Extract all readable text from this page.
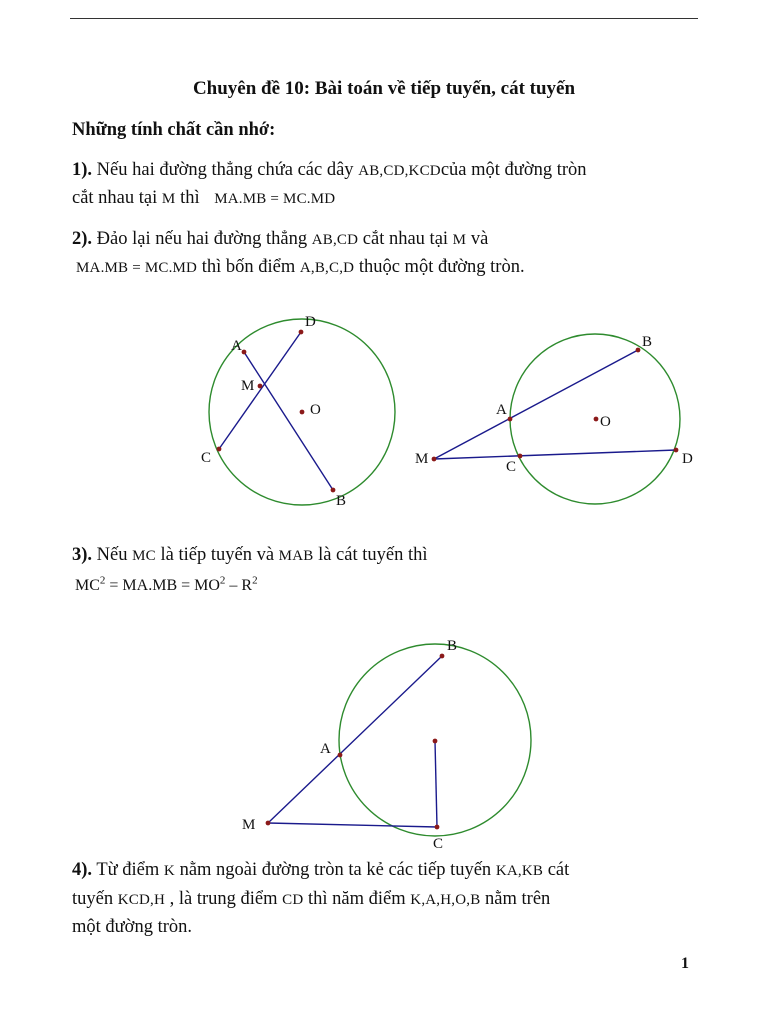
Chuyên đề 10: Bài toán về tiếp tuyến, cát tuyến
Những tính chất cần nhớ:
1). Nếu hai đường thẳng chứa các dây AB,CD,KCDcủa một đường tròn
cắt nhau tại M thì MA.MB = MC.MD
2). Đảo lại nếu hai đường thẳng AB,CD cắt nhau tại M và
MA.MB = MC.MD thì bốn điểm A,B,C,D thuộc một đường tròn.
A
B
C
D
M
O	A
B
C	D
M
O
A
B
C
M
3). Nếu MC là tiếp tuyến và MAB là cát tuyến thì
$MC^2 = MA.MB = MO^2 - R^2$
4). Từ điểm K nằm ngoài đường tròn ta kẻ các tiếp tuyến KA,KB cát
tuyến KCD,H , là trung điểm CD thì năm điểm K,A,H,O,B nằm trên
một đường tròn.
1
